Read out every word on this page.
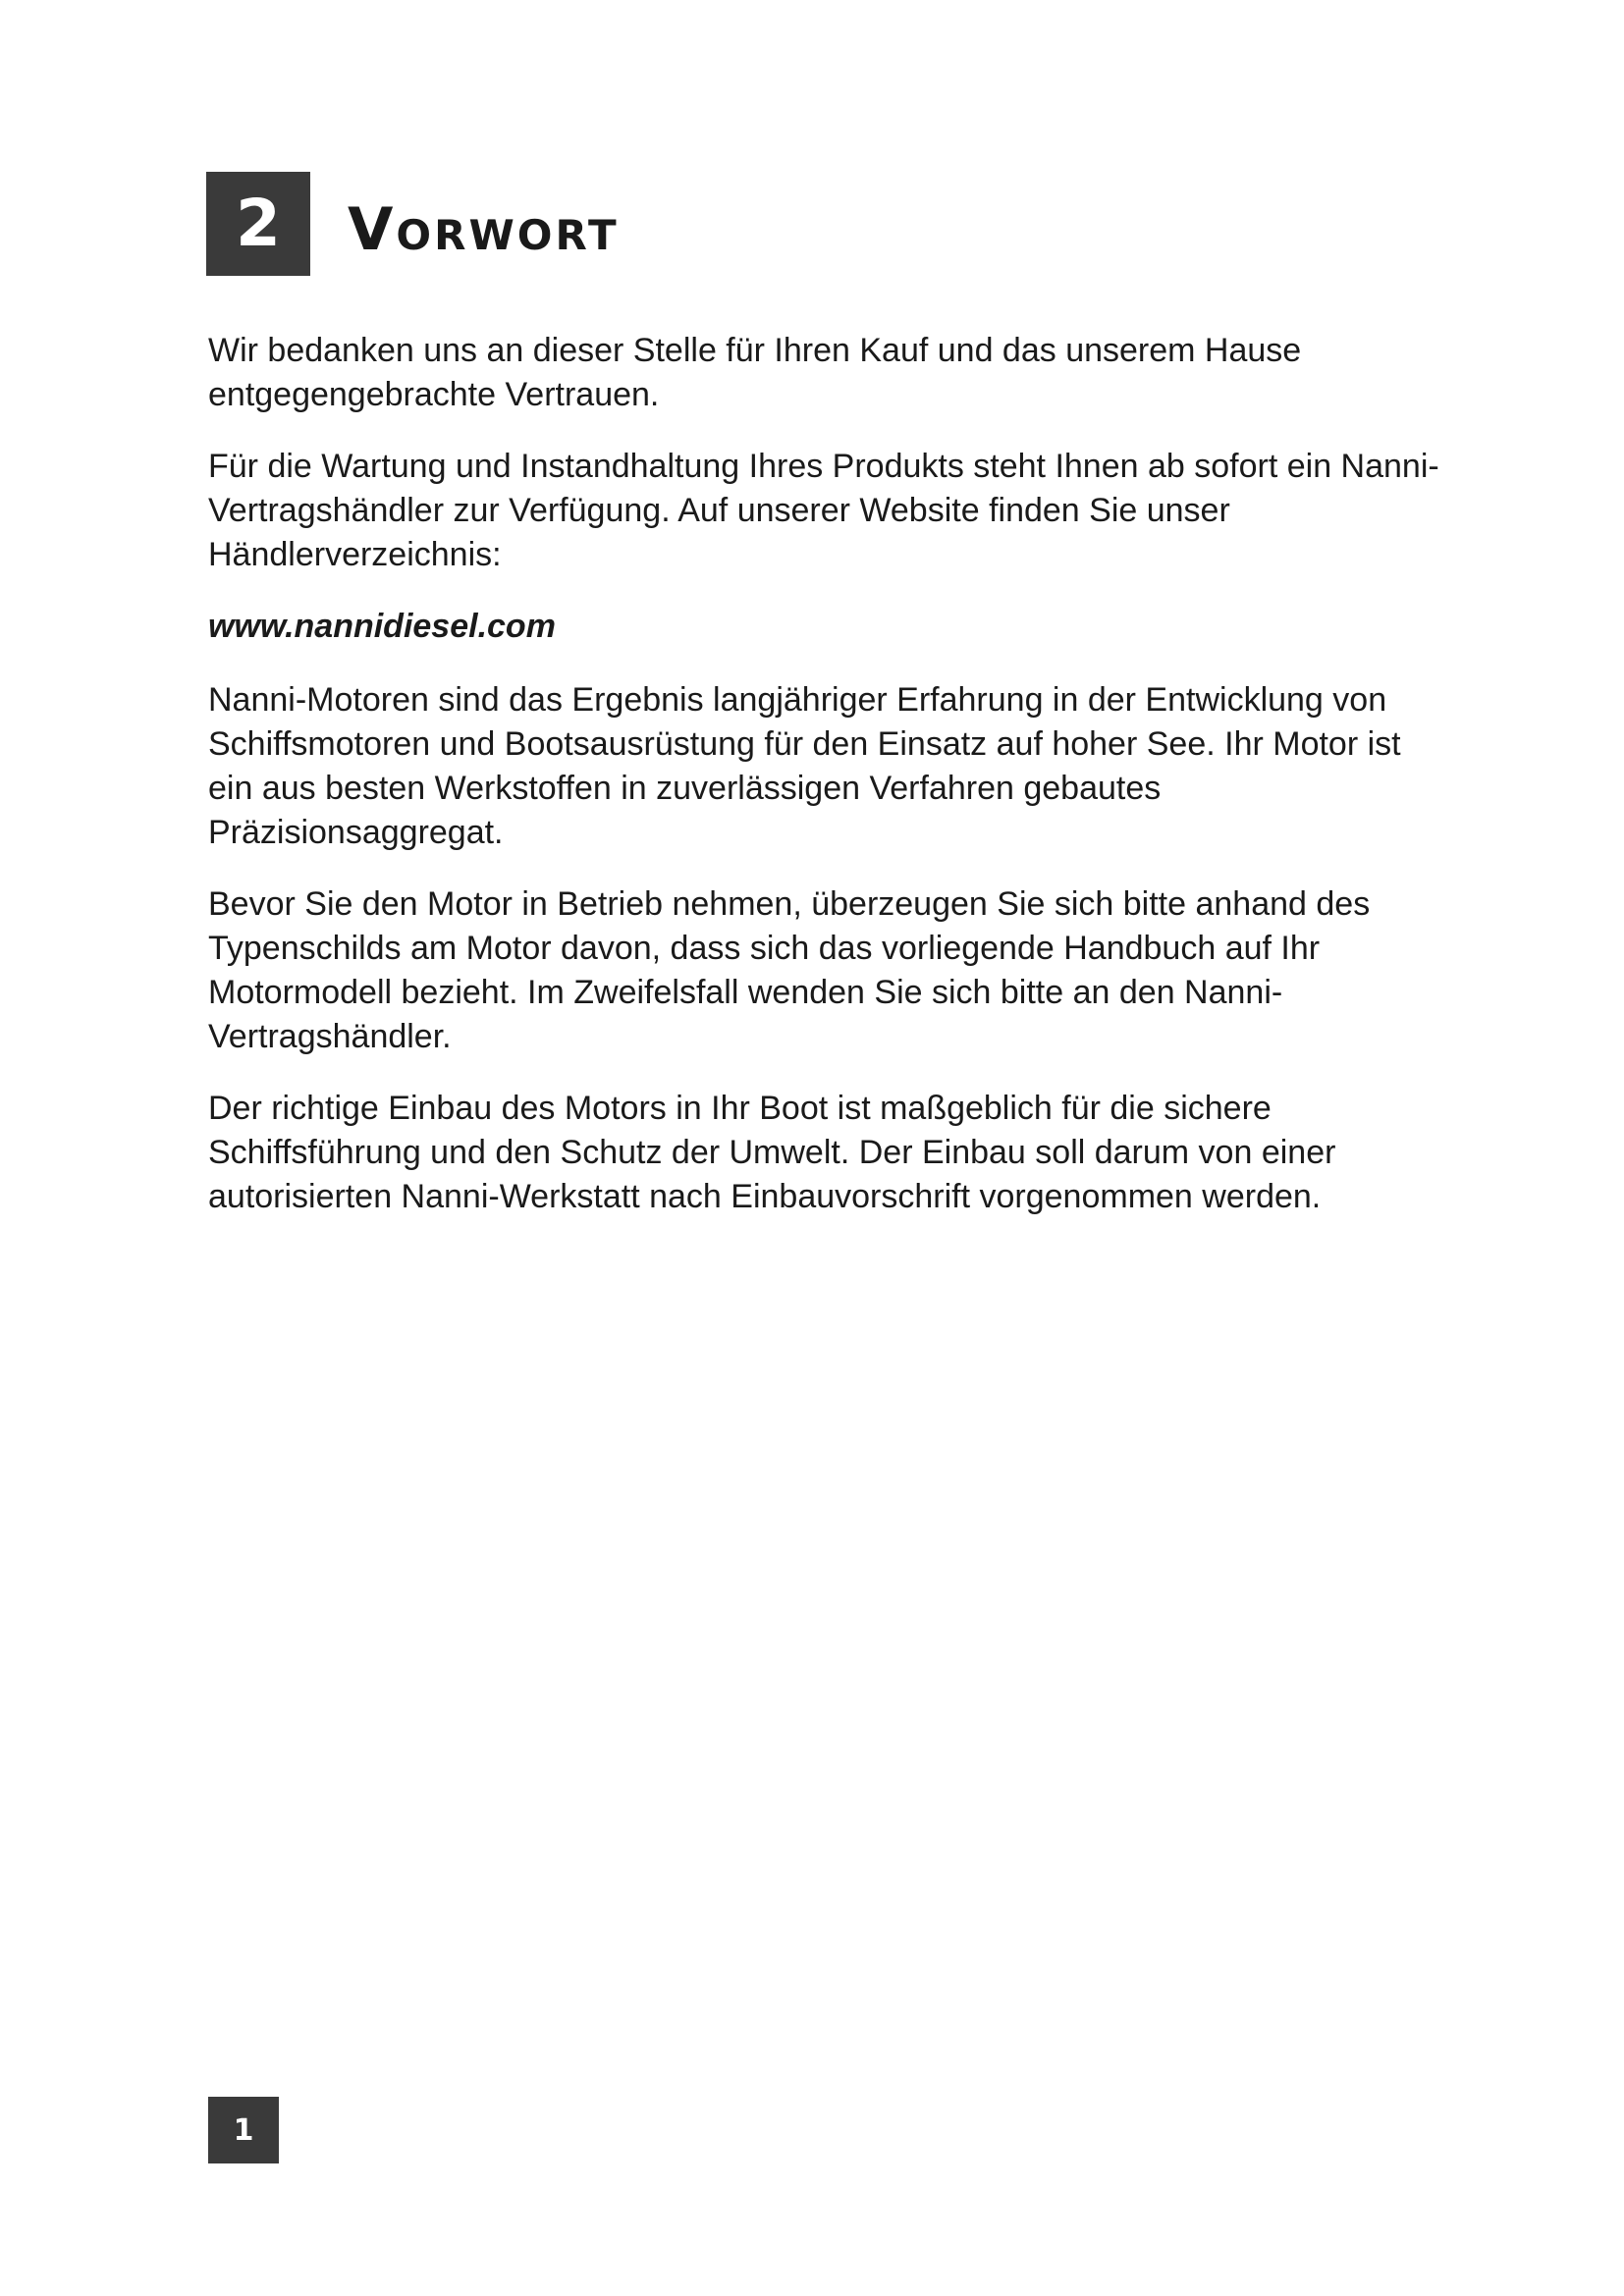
2	Vorwort

Wir bedanken uns an dieser Stelle für Ihren Kauf und das unserem Hause entgegengebrachte Vertrauen.

Für die Wartung und Instandhaltung Ihres Produkts steht Ihnen ab sofort ein Nanni-Vertragshändler zur Verfügung. Auf unserer Website finden Sie unser Händlerverzeichnis:

www.nannidiesel.com

Nanni-Motoren sind das Ergebnis langjähriger Erfahrung in der Entwicklung von Schiffsmotoren und Bootsausrüstung für den Einsatz auf hoher See. Ihr Motor ist ein aus besten Werkstoffen in zuverlässigen Verfahren gebautes Präzisionsaggregat.

Bevor Sie den Motor in Betrieb nehmen, überzeugen Sie sich bitte anhand des Typenschilds am Motor davon, dass sich das vorliegende Handbuch auf Ihr Motormodell bezieht. Im Zweifelsfall wenden Sie sich bitte an den Nanni-Vertragshändler.

Der richtige Einbau des Motors in Ihr Boot ist maßgeblich für die sichere Schiffsführung und den Schutz der Umwelt. Der Einbau soll darum von einer autorisierten Nanni-Werkstatt nach Einbauvorschrift vorgenommen werden.

1
